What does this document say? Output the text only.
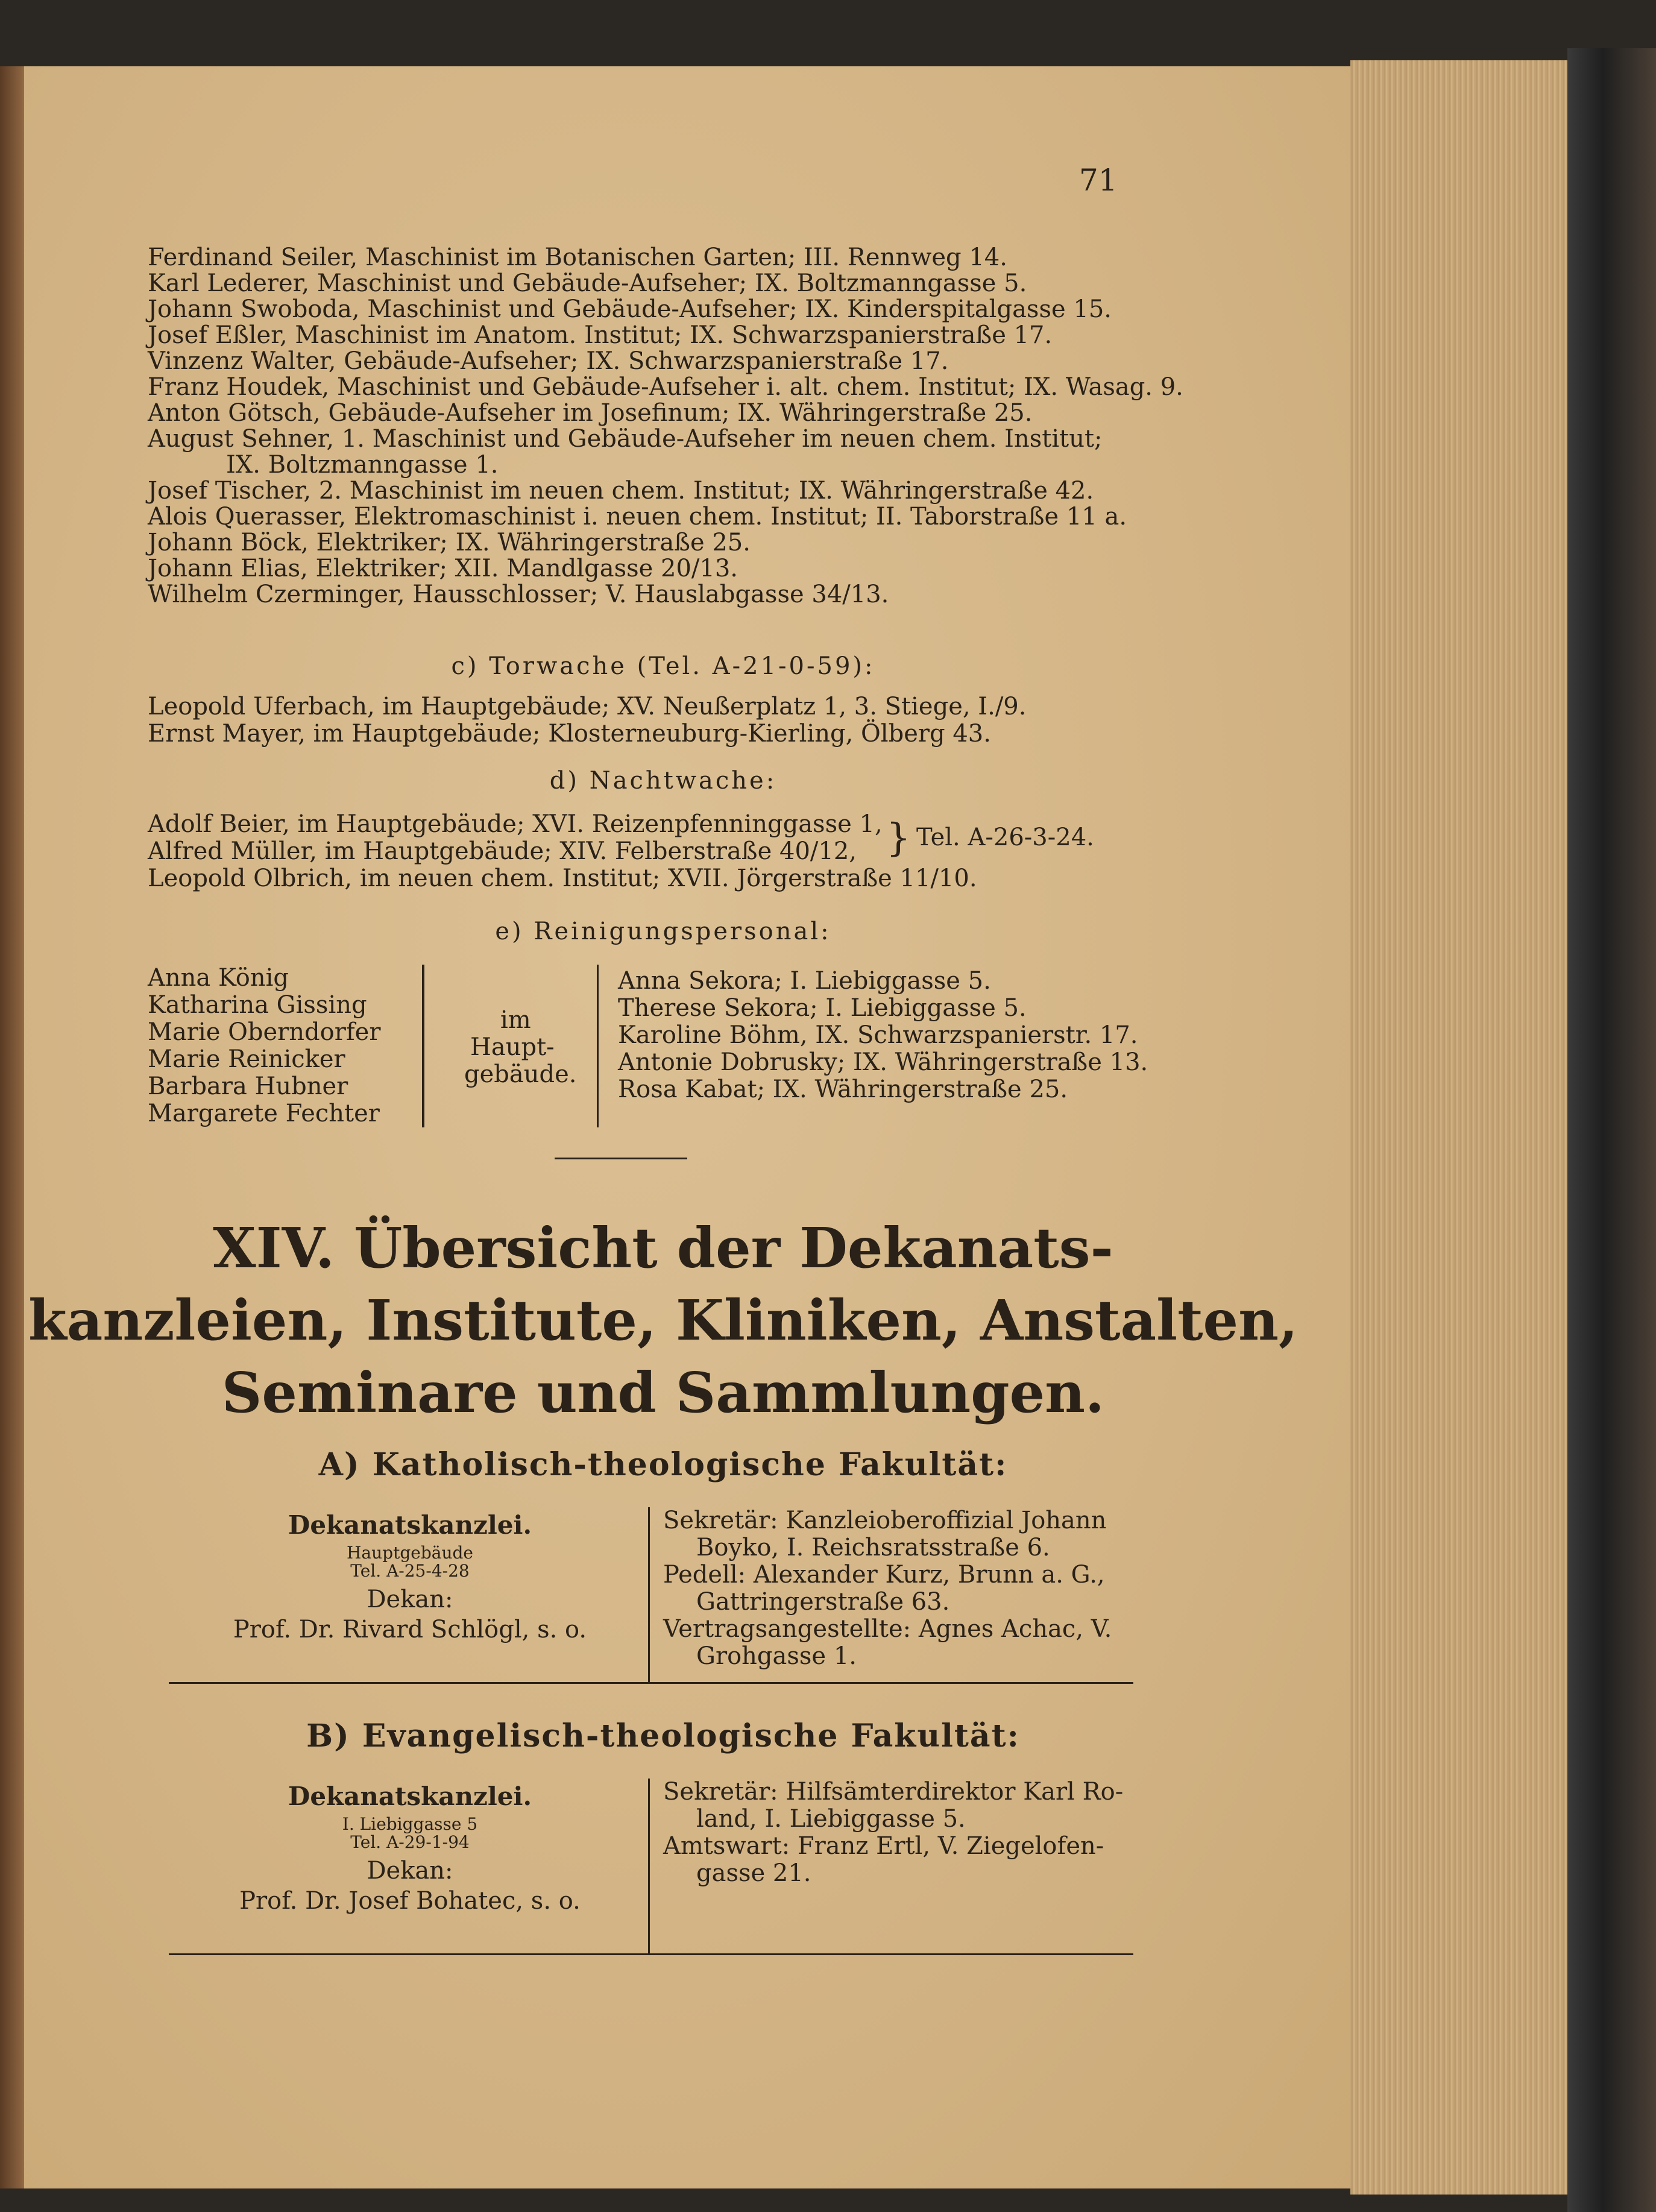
71
Ferdinand Seiler, Maschinist im Botanischen Garten; III. Rennweg 14.
Karl Lederer, Maschinist und Gebäude-Aufseher; IX. Boltzmanngasse 5.
Johann Swoboda, Maschinist und Gebäude-Aufseher; IX. Kinderspitalgasse 15.
Josef Eßler, Maschinist im Anatom. Institut; IX. Schwarzspanierstraße 17.
Vinzenz Walter, Gebäude-Aufseher; IX. Schwarzspanierstraße 17.
Franz Houdek, Maschinist und Gebäude-Aufseher i. alt. chem. Institut; IX. Wasag. 9.
Anton Götsch, Gebäude-Aufseher im Josefinum; IX. Währingerstraße 25.
August Sehner, 1. Maschinist und Gebäude-Aufseher im neuen chem. Institut;
IX. Boltzmanngasse 1.
Josef Tischer, 2. Maschinist im neuen chem. Institut; IX. Währingerstraße 42.
Alois Querasser, Elektromaschinist i. neuen chem. Institut; II. Taborstraße 11 a.
Johann Böck, Elektriker; IX. Währingerstraße 25.
Johann Elias, Elektriker; XII. Mandlgasse 20/13.
Wilhelm Czerminger, Hausschlosser; V. Hauslabgasse 34/13.
c) Torwache (Tel. A-21-0-59):
Leopold Uferbach, im Hauptgebäude; XV. Neußerplatz 1, 3. Stiege, I./9.
Ernst Mayer, im Hauptgebäude; Klosterneuburg-Kierling, Ölberg 43.
d) Nachtwache:
Adolf Beier, im Hauptgebäude; XVI. Reizenpfenninggasse 1,
Alfred Müller, im Hauptgebäude; XIV. Felberstraße 40/12,
Leopold Olbrich, im neuen chem. Institut; XVII. Jörgerstraße 11/10.
} Tel. A-26-3-24.
e) Reinigungspersonal:
Anna König
Katharina Gissing
Marie Oberndorfer
Marie Reinicker
Barbara Hubner
Margarete Fechter
im
Haupt-
gebäude.
Anna Sekora; I. Liebiggasse 5.
Therese Sekora; I. Liebiggasse 5.
Karoline Böhm, IX. Schwarzspanierstr. 17.
Antonie Dobrusky; IX. Währingerstraße 13.
Rosa Kabat; IX. Währingerstraße 25.
XIV. Übersicht der Dekanats-
kanzleien, Institute, Kliniken, Anstalten,
Seminare und Sammlungen.
A) Katholisch-theologische Fakultät:
Dekanatskanzlei.
Hauptgebäude
Tel. A-25-4-28
Dekan:
Prof. Dr. Rivard Schlögl, s. o.
Sekretär: Kanzleioberoffizial Johann
Boyko, I. Reichsratsstraße 6.
Pedell: Alexander Kurz, Brunn a. G.,
Gattringerstraße 63.
Vertragsangestellte: Agnes Achac, V.
Grohgasse 1.
B) Evangelisch-theologische Fakultät:
Dekanatskanzlei.
I. Liebiggasse 5
Tel. A-29-1-94
Dekan:
Prof. Dr. Josef Bohatec, s. o.
Sekretär: Hilfsämterdirektor Karl Ro-
land, I. Liebiggasse 5.
Amtswart: Franz Ertl, V. Ziegelofen-
gasse 21.
